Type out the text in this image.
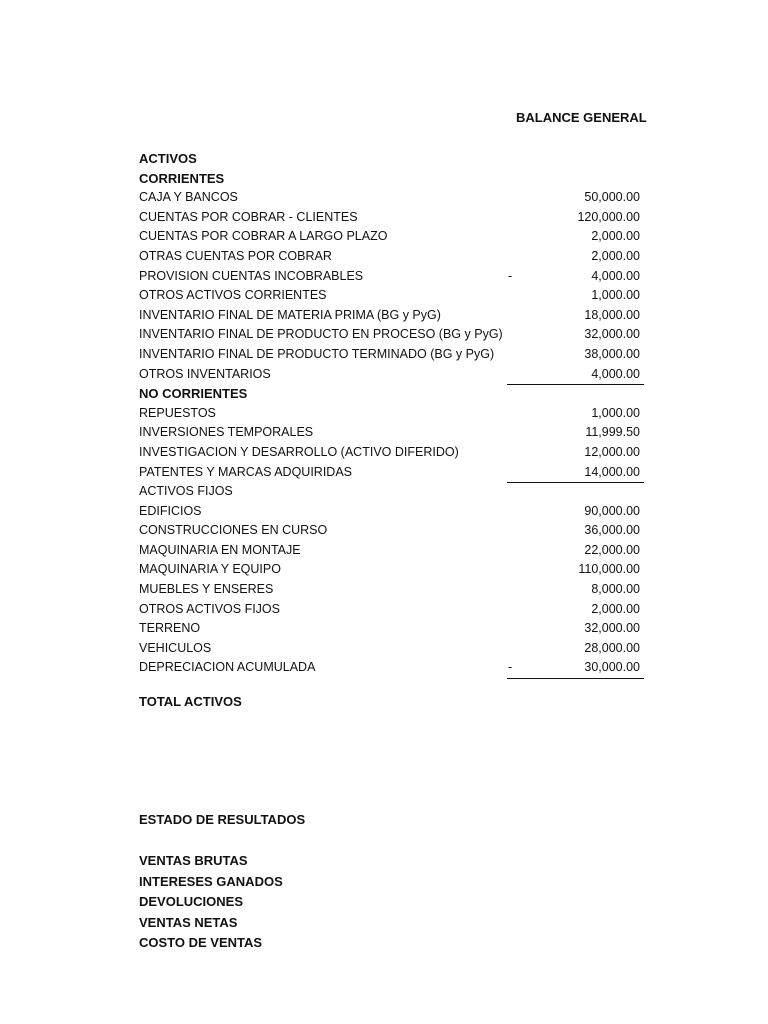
BALANCE GENERAL
ACTIVOS
CORRIENTES
CAJA Y BANCOS	50,000.00
CUENTAS POR COBRAR - CLIENTES	120,000.00
CUENTAS POR COBRAR A LARGO PLAZO	2,000.00
OTRAS CUENTAS POR COBRAR	2,000.00
PROVISION CUENTAS INCOBRABLES	-	4,000.00
OTROS ACTIVOS CORRIENTES	1,000.00
INVENTARIO FINAL DE MATERIA PRIMA (BG y PyG)	18,000.00
INVENTARIO FINAL DE PRODUCTO EN PROCESO (BG y PyG)	32,000.00
INVENTARIO FINAL DE PRODUCTO TERMINADO (BG y PyG)	38,000.00
OTROS INVENTARIOS	4,000.00
NO CORRIENTES
REPUESTOS	1,000.00
INVERSIONES TEMPORALES	11,999.50
INVESTIGACION Y DESARROLLO (ACTIVO DIFERIDO)	12,000.00
PATENTES Y MARCAS ADQUIRIDAS	14,000.00
ACTIVOS FIJOS
EDIFICIOS	90,000.00
CONSTRUCCIONES EN CURSO	36,000.00
MAQUINARIA EN MONTAJE	22,000.00
MAQUINARIA Y EQUIPO	110,000.00
MUEBLES Y ENSERES	8,000.00
OTROS ACTIVOS FIJOS	2,000.00
TERRENO	32,000.00
VEHICULOS	28,000.00
DEPRECIACION ACUMULADA	-	30,000.00
TOTAL ACTIVOS
ESTADO DE RESULTADOS
VENTAS BRUTAS
INTERESES GANADOS
DEVOLUCIONES
VENTAS NETAS
COSTO DE VENTAS
